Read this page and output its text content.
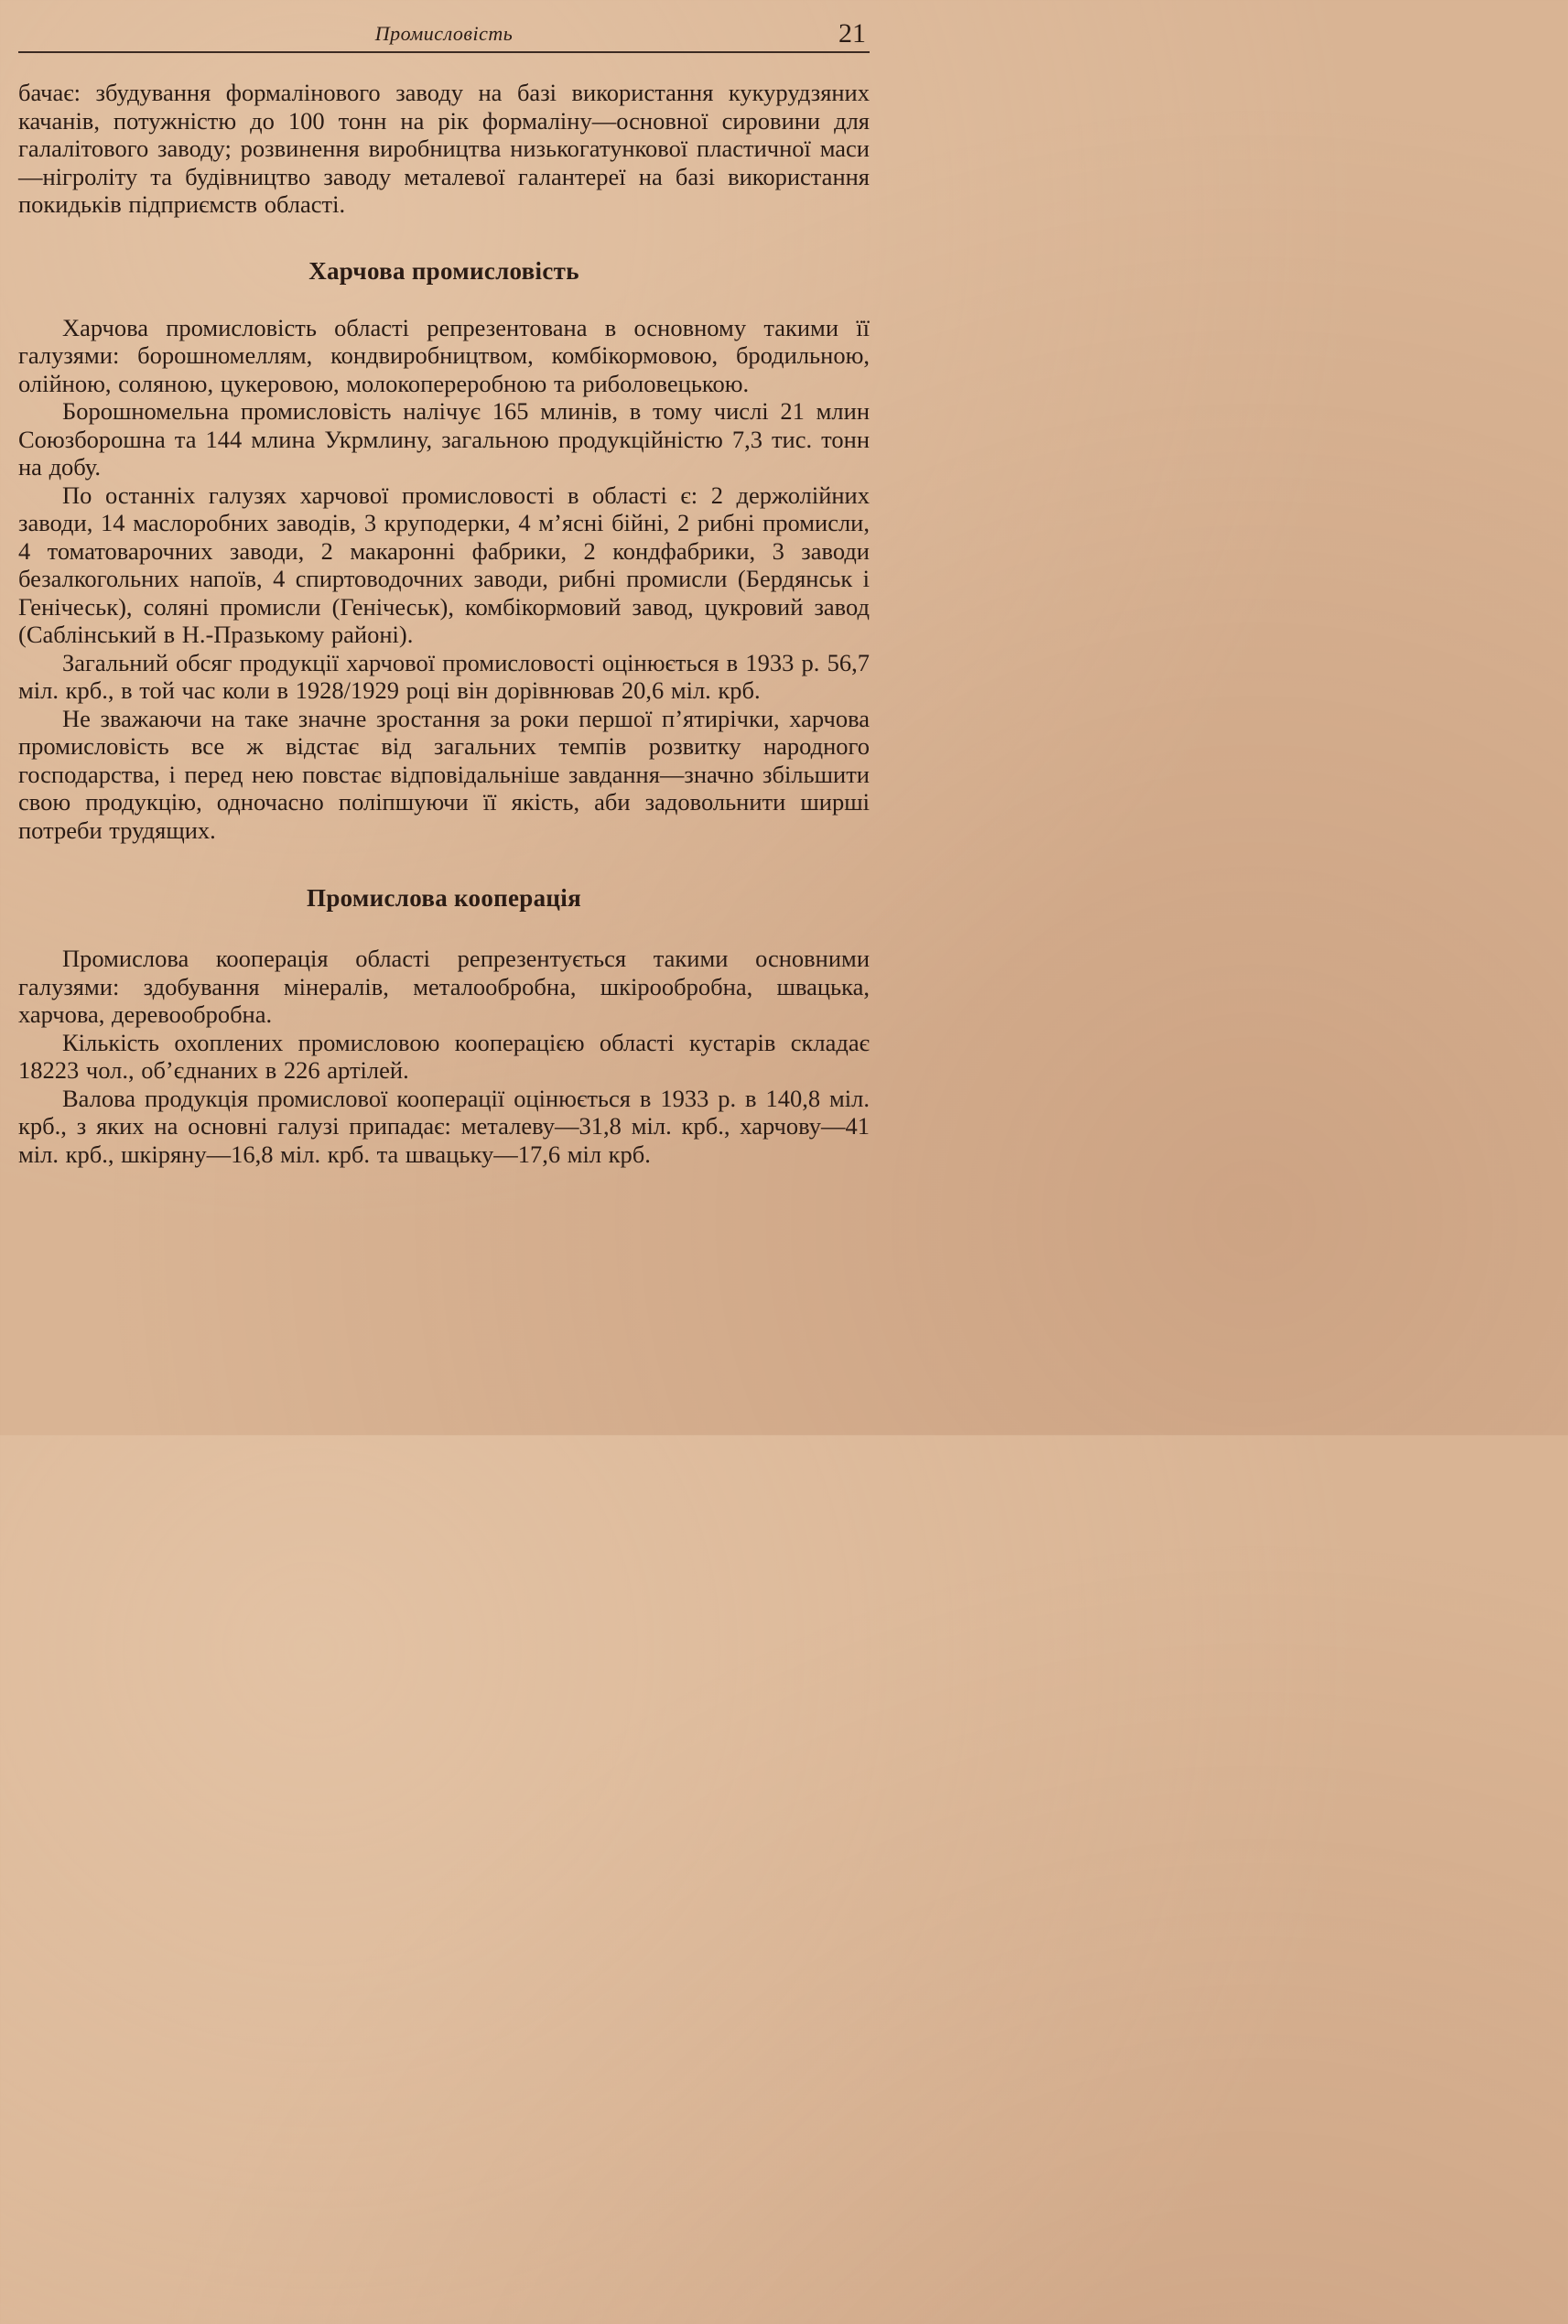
Промисловість	21

бачає: збудування формалінового заводу на базі використання кукурудзяних качанів, потужністю до 100 тонн на рік формаліну—основної сировини для галалітового заводу; розвинення виробництва низькогатункової пластичної маси—нігроліту та будівництво заводу металевої галантереї на базі використання покидьків підприємств області.

Харчова промисловість

Харчова промисловість області репрезентована в основному такими її галузями: борошномеллям, кондвиробництвом, комбікормовою, бродильною, олійною, соляною, цукеровою, молокопереробною та риболовецькою.

Борошномельна промисловість налічує 165 млинів, в тому числі 21 млин Союзборошна та 144 млина Укрмлину, загальною продукційністю 7,3 тис. тонн на добу.

По останніх галузях харчової промисловості в області є: 2 держолійних заводи, 14 маслоробних заводів, 3 круподерки, 4 м’ясні бійні, 2 рибні промисли, 4 томатоварочних заводи, 2 макаронні фабрики, 2 кондфабрики, 3 заводи безалкогольних напоїв, 4 спиртоводочних заводи, рибні промисли (Бердянськ і Генічеськ), соляні промисли (Генічеськ), комбікормовий завод, цукровий завод (Саблінський в Н.-Празькому районі).

Загальний обсяг продукції харчової промисловості оцінюється в 1933 р. 56,7 міл. крб., в той час коли в 1928/1929 році він дорівнював 20,6 міл. крб.

Не зважаючи на таке значне зростання за роки першої п’ятирічки, харчова промисловість все ж відстає від загальних темпів розвитку народного господарства, і перед нею повстає відповідальніше завдання—значно збільшити свою продукцію, одночасно поліпшуючи її якість, аби задовольнити ширші потреби трудящих.

Промислова кооперація

Промислова кооперація області репрезентується такими основними галузями: здобування мінералів, металообробна, шкірообробна, швацька, харчова, деревообробна.

Кількість охоплених промисловою кооперацією області кустарів складає 18223 чол., об’єднаних в 226 артілей.

Валова продукція промислової кооперації оцінюється в 1933 р. в 140,8 міл. крб., з яких на основні галузі припадає: металеву—31,8 міл. крб., харчову—41 міл. крб., шкіряну—16,8 міл. крб. та швацьку—17,6 міл крб.
